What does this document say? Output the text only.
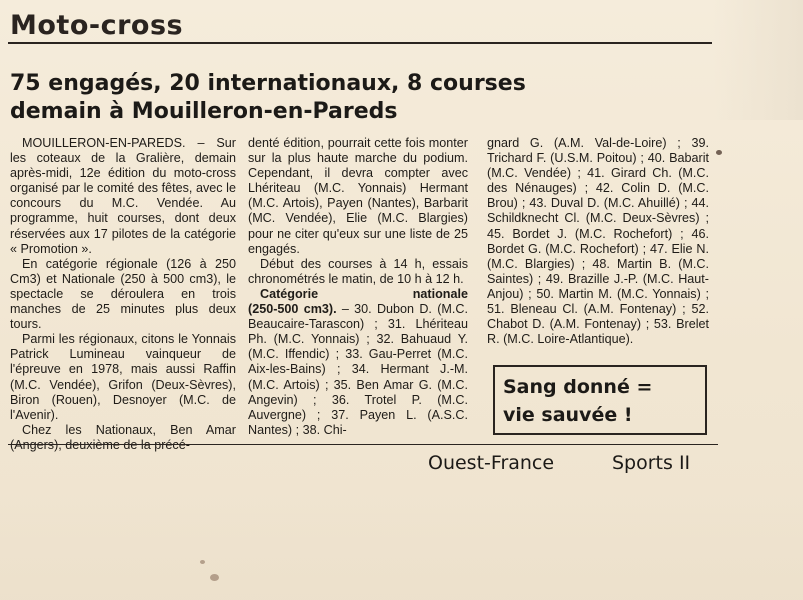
Moto-cross
75 engagés, 20 internationaux, 8 courses
demain à Mouilleron-en-Pareds

MOUILLERON-EN-PAREDS. – Sur les coteaux de la Gralière, demain après-midi, 12e édition du moto-cross organisé par le comité des fêtes, avec le concours du M.C. Vendée. Au programme, huit courses, dont deux réservées aux 17 pilotes de la catégorie « Promotion ».

En catégorie régionale (126 à 250 Cm3) et Nationale (250 à 500 cm3), le spectacle se déroulera en trois manches de 25 minutes plus deux tours.

Parmi les régionaux, citons le Yonnais Patrick Lumineau vainqueur de l'épreuve en 1978, mais aussi Raffin (M.C. Vendée), Grifon (Deux-Sèvres), Biron (Rouen), Desnoyer (M.C. de l'Avenir).

Chez les Nationaux, Ben Amar

denté édition, pourrait cette fois monter sur la plus haute marche du podium. Cependant, il devra compter avec Lhériteau (M.C. Yonnais) Hermant (M.C. Artois), Payen (Nantes), Barbarit (MC. Vendée), Elie (M.C. Blargies) pour ne citer qu'eux sur une liste de 25 engagés.

Début des courses à 14 h, essais chronométrés le matin, de 10 h à 12 h.

Catégorie	nationale

(250-500 cm3). – 30. Dubon D. (M.C. Beaucaire-Tarascon) ; 31. Lhériteau Ph. (M.C. Yonnais) ; 32. Bahuaud Y. (M.C. Iffendic) ; 33. Gau-Perret (M.C. Aix-les-Bains) ; 34. Hermant J.-M. (M.C. Artois) ; 35. Ben Amar G. (M.C. Angevin) ; 36. Trotel P. (M.C. Auvergne) ; 37. Payen L. (A.S.C. Nantes) ; 38. Chi-

gnard G. (A.M. Val-de-Loire) ; 39. Trichard F. (U.S.M. Poitou) ; 40. Babarit (M.C. Vendée) ; 41. Girard Ch. (M.C. des Nénauges) ; 42. Colin D. (M.C. Brou) ; 43. Duval D. (M.C. Ahuillé) ; 44. Schildknecht Cl. (M.C. Deux-Sèvres) ; 45. Bordet J. (M.C. Rochefort) ; 46. Bordet G. (M.C. Rochefort) ; 47. Elie N. (M.C. Blargies) ; 48. Martin B. (M.C. Saintes) ; 49. Brazille J.-P. (M.C. Haut-Anjou) ; 50. Martin M. (M.C. Yonnais) ; 51. Bleneau Cl. (A.M. Fontenay) ; 52. Chabot D. (A.M. Fontenay) ; 53. Brelet R. (M.C. Loire-Atlantique).

Sang donné =
vie sauvée !
Ouest-France	Sports II
